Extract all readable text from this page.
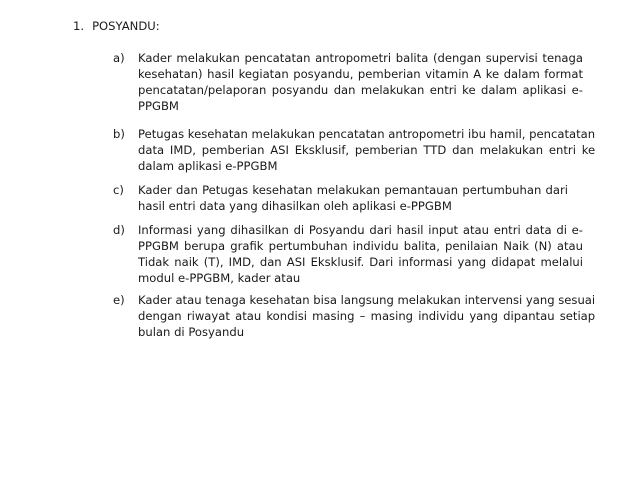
1. POSYANDU:
a)	Kader melakukan pencatatan antropometri balita (dengan supervisi tenaga
kesehatan) hasil kegiatan posyandu, pemberian vitamin A ke dalam format
pencatatan/pelaporan posyandu dan melakukan entri ke dalam aplikasi e-
PPGBM
b)	Petugas kesehatan melakukan pencatatan antropometri ibu hamil, pencatatan
data IMD, pemberian ASI Eksklusif, pemberian TTD dan melakukan entri ke
dalam aplikasi e-PPGBM
c)	Kader dan Petugas kesehatan melakukan pemantauan pertumbuhan dari
hasil entri data yang dihasilkan oleh aplikasi e-PPGBM
d)	Informasi yang dihasilkan di Posyandu dari hasil input atau entri data di e-
PPGBM berupa grafik pertumbuhan individu balita, penilaian Naik (N) atau
Tidak naik (T), IMD, dan ASI Eksklusif. Dari informasi yang didapat melalui
modul e-PPGBM, kader atau
e)	Kader atau tenaga kesehatan bisa langsung melakukan intervensi yang sesuai
dengan riwayat atau kondisi masing – masing individu yang dipantau setiap
bulan di Posyandu
